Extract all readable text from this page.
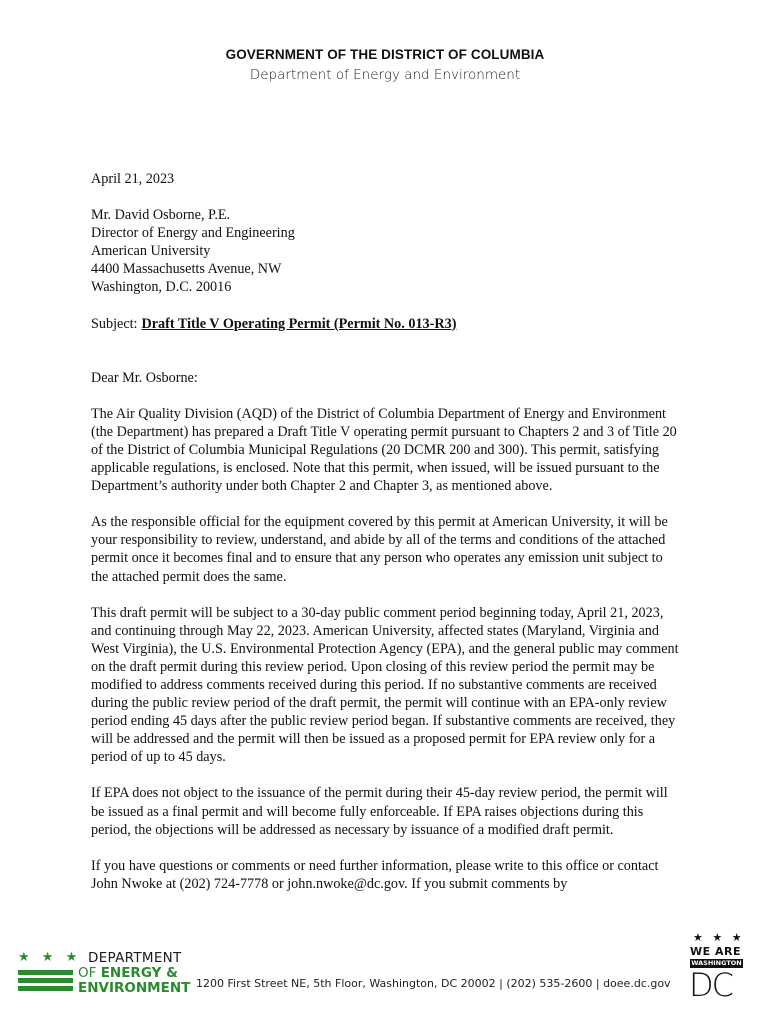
GOVERNMENT OF THE DISTRICT OF COLUMBIA
Department of Energy and Environment

April 21, 2023

Mr. David Osborne, P.E.
Director of Energy and Engineering
American University
4400 Massachusetts Avenue, NW
Washington, D.C. 20016

Subject: Draft Title V Operating Permit (Permit No. 013-R3)

Dear Mr. Osborne:

The Air Quality Division (AQD) of the District of Columbia Department of Energy and Environment (the Department) has prepared a Draft Title V operating permit pursuant to Chapters 2 and 3 of Title 20 of the District of Columbia Municipal Regulations (20 DCMR 200 and 300). This permit, satisfying applicable regulations, is enclosed. Note that this permit, when issued, will be issued pursuant to the Department’s authority under both Chapter 2 and Chapter 3, as mentioned above.

As the responsible official for the equipment covered by this permit at American University, it will be your responsibility to review, understand, and abide by all of the terms and conditions of the attached permit once it becomes final and to ensure that any person who operates any emission unit subject to the attached permit does the same.

This draft permit will be subject to a 30-day public comment period beginning today, April 21, 2023, and continuing through May 22, 2023. American University, affected states (Maryland, Virginia and West Virginia), the U.S. Environmental Protection Agency (EPA), and the general public may comment on the draft permit during this review period. Upon closing of this review period the permit may be modified to address comments received during this period. If no substantive comments are received during the public review period of the draft permit, the permit will continue with an EPA-only review period ending 45 days after the public review period began. If substantive comments are received, they will be addressed and the permit will then be issued as a proposed permit for EPA review only for a period of up to 45 days.

If EPA does not object to the issuance of the permit during their 45-day review period, the permit will be issued as a final permit and will become fully enforceable. If EPA raises objections during this period, the objections will be addressed as necessary by issuance of a modified draft permit.

If you have questions or comments or need further information, please write to this office or contact John Nwoke at (202) 724-7778 or john.nwoke@dc.gov. If you submit comments by

★ ★ ★ DEPARTMENT
OF ENERGY &
ENVIRONMENT 1200 First Street NE, 5th Floor, Washington, DC 20002 | (202) 535-2600 | doee.dc.gov
★ ★ ★
WE ARE
WASHINGTON
DC
